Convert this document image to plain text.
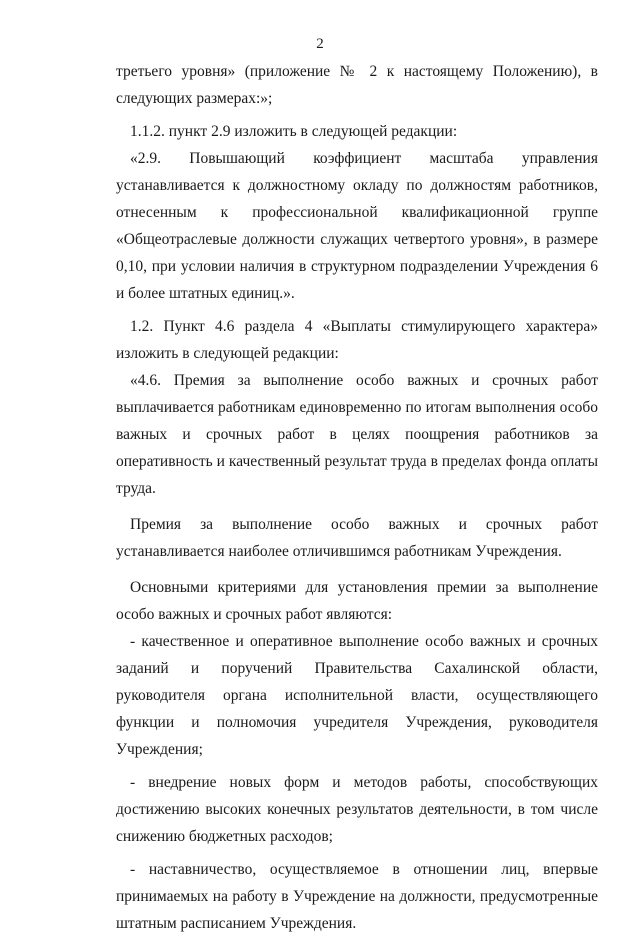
2

третьего уровня» (приложение № 2 к настоящему Положению), в следующих размерах:»;

1.1.2. пункт 2.9 изложить в следующей редакции:

«2.9. Повышающий коэффициент масштаба управления устанавливается к должностному окладу по должностям работников, отнесенным к профессиональной квалификационной группе «Общеотраслевые должности служащих четвертого уровня», в размере 0,10, при условии наличия в структурном подразделении Учреждения 6 и более штатных единиц.».

1.2. Пункт 4.6 раздела 4 «Выплаты стимулирующего характера» изложить в следующей редакции:

«4.6. Премия за выполнение особо важных и срочных работ выплачивается работникам единовременно по итогам выполнения особо важных и срочных работ в целях поощрения работников за оперативность и качественный результат труда в пределах фонда оплаты труда.

Премия за выполнение особо важных и срочных работ устанавливается наиболее отличившимся работникам Учреждения.

Основными критериями для установления премии за выполнение особо важных и срочных работ являются:

- качественное и оперативное выполнение особо важных и срочных заданий и поручений Правительства Сахалинской области, руководителя органа исполнительной власти, осуществляющего функции и полномочия учредителя Учреждения, руководителя Учреждения;

- внедрение новых форм и методов работы, способствующих достижению высоких конечных результатов деятельности, в том числе снижению бюджетных расходов;

- наставничество, осуществляемое в отношении лиц, впервые принимаемых на работу в Учреждение на должности, предусмотренные штатным расписанием Учреждения.
